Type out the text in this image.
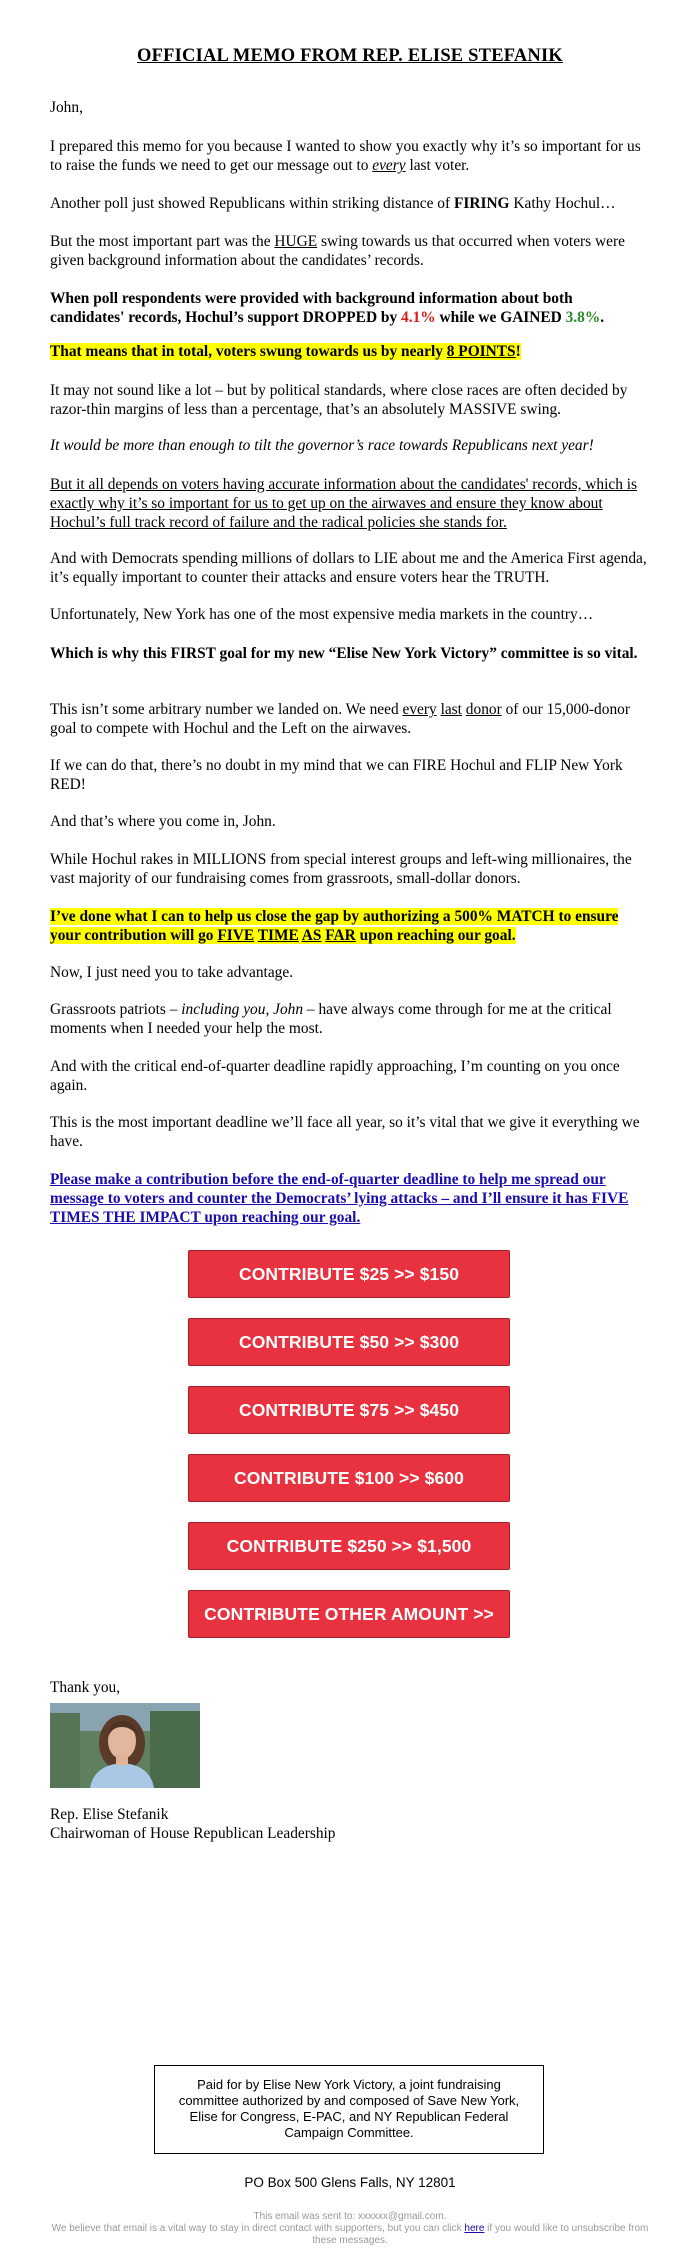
OFFICIAL MEMO FROM REP. ELISE STEFANIK

John,

I prepared this memo for you because I wanted to show you exactly why it’s so important for us to raise the funds we need to get our message out to every last voter.

Another poll just showed Republicans within striking distance of FIRING Kathy Hochul…

But the most important part was the HUGE swing towards us that occurred when voters were given background information about the candidates’ records.

When poll respondents were provided with background information about both candidates' records, Hochul’s support DROPPED by 4.1% while we GAINED 3.8%.

That means that in total, voters swung towards us by nearly 8 POINTS!

It may not sound like a lot – but by political standards, where close races are often decided by razor-thin margins of less than a percentage, that’s an absolutely MASSIVE swing.

It would be more than enough to tilt the governor’s race towards Republicans next year!

But it all depends on voters having accurate information about the candidates' records, which is exactly why it’s so important for us to get up on the airwaves and ensure they know about Hochul’s full track record of failure and the radical policies she stands for.

And with Democrats spending millions of dollars to LIE about me and the America First agenda, it’s equally important to counter their attacks and ensure voters hear the TRUTH.

Unfortunately, New York has one of the most expensive media markets in the country…

Which is why this FIRST goal for my new “Elise New York Victory” committee is so vital.

This isn’t some arbitrary number we landed on. We need every last donor of our 15,000-donor goal to compete with Hochul and the Left on the airwaves.

If we can do that, there’s no doubt in my mind that we can FIRE Hochul and FLIP New York RED!

And that’s where you come in, John.

While Hochul rakes in MILLIONS from special interest groups and left-wing millionaires, the vast majority of our fundraising comes from grassroots, small-dollar donors.

I’ve done what I can to help us close the gap by authorizing a 500% MATCH to ensure your contribution will go FIVE TIME AS FAR upon reaching our goal.

Now, I just need you to take advantage.

Grassroots patriots – including you, John – have always come through for me at the critical moments when I needed your help the most.

And with the critical end-of-quarter deadline rapidly approaching, I’m counting on you once again.

This is the most important deadline we’ll face all year, so it’s vital that we give it everything we have.

Please make a contribution before the end-of-quarter deadline to help me spread our message to voters and counter the Democrats’ lying attacks – and I’ll ensure it has FIVE TIMES THE IMPACT upon reaching our goal.

CONTRIBUTE $25 >> $150
CONTRIBUTE $50 >> $300
CONTRIBUTE $75 >> $450
CONTRIBUTE $100 >> $600
CONTRIBUTE $250 >> $1,500
CONTRIBUTE OTHER AMOUNT >>

Thank you,

Rep. Elise Stefanik

Chairwoman of House Republican Leadership

Paid for by Elise New York Victory, a joint fundraising committee authorized by and composed of Save New York, Elise for Congress, E-PAC, and NY Republican Federal Campaign Committee.
PO Box 500 Glens Falls, NY 12801
This email was sent to: xxxxxx@gmail.com.
We believe that email is a vital way to stay in direct contact with supporters, but you can click here if you would like to unsubscribe from these messages.
